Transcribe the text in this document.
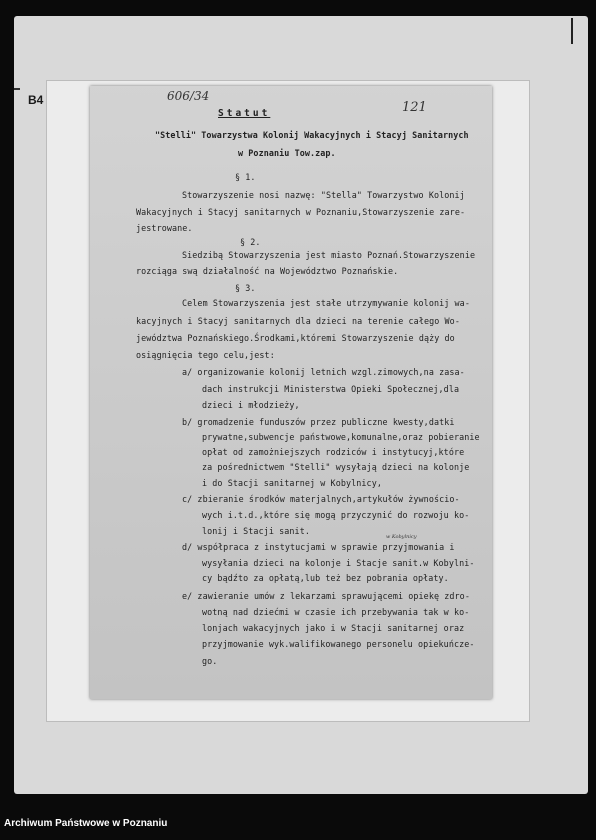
B4	606/34
121
Statut
"Stelli" Towarzystwa Kolonij Wakacyjnych i Stacyj Sanitarnych
w Poznaniu Tow.zap.
§ 1.
Stowarzyszenie nosi nazwę: "Stella" Towarzystwo Kolonij
Wakacyjnych i Stacyj sanitarnych w Poznaniu,Stowarzyszenie zare-
jestrowane.
§ 2.
Siedzibą Stowarzyszenia jest miasto Poznań.Stowarzyszenie
rozciąga swą działalność na Województwo Poznańskie.
§ 3.
Celem Stowarzyszenia jest stałe utrzymywanie kolonij wa-
kacyjnych i Stacyj sanitarnych dla dzieci na terenie całego Wo-
jewództwa Poznańskiego.Środkami,któremi Stowarzyszenie dąży do
osiągnięcia tego celu,jest:
a/ organizowanie kolonij letnich wzgl.zimowych,na zasa-
dach instrukcji Ministerstwa Opieki Społecznej,dla
dzieci i młodzieży,
b/ gromadzenie funduszów przez publiczne kwesty,datki
prywatne,subwencje państwowe,komunalne,oraz pobieranie
opłat od zamożniejszych rodziców i instytucyj,które
za pośrednictwem "Stelli" wysyłają dzieci na kolonje
i do Stacji sanitarnej w Kobylnicy,
c/ zbieranie środków materjalnych,artykułów żywnościo-
wych i.t.d.,które się mogą przyczynić do rozwoju ko-
lonij i Stacji sanit.
w Kobylnicy
d/ współpraca z instytucjami w sprawie przyjmowania i
wysyłania dzieci na kolonje i Stacje sanit.w Kobylni-
cy bądźto za opłatą,lub też bez pobrania opłaty.
e/ zawieranie umów z lekarzami sprawującemi opiekę zdro-
wotną nad dziećmi w czasie ich przebywania tak w ko-
lonjach wakacyjnych jako i w Stacji sanitarnej oraz
przyjmowanie wyk.walifikowanego personelu opiekuńcze-
go.
Archiwum Państwowe w Poznaniu
